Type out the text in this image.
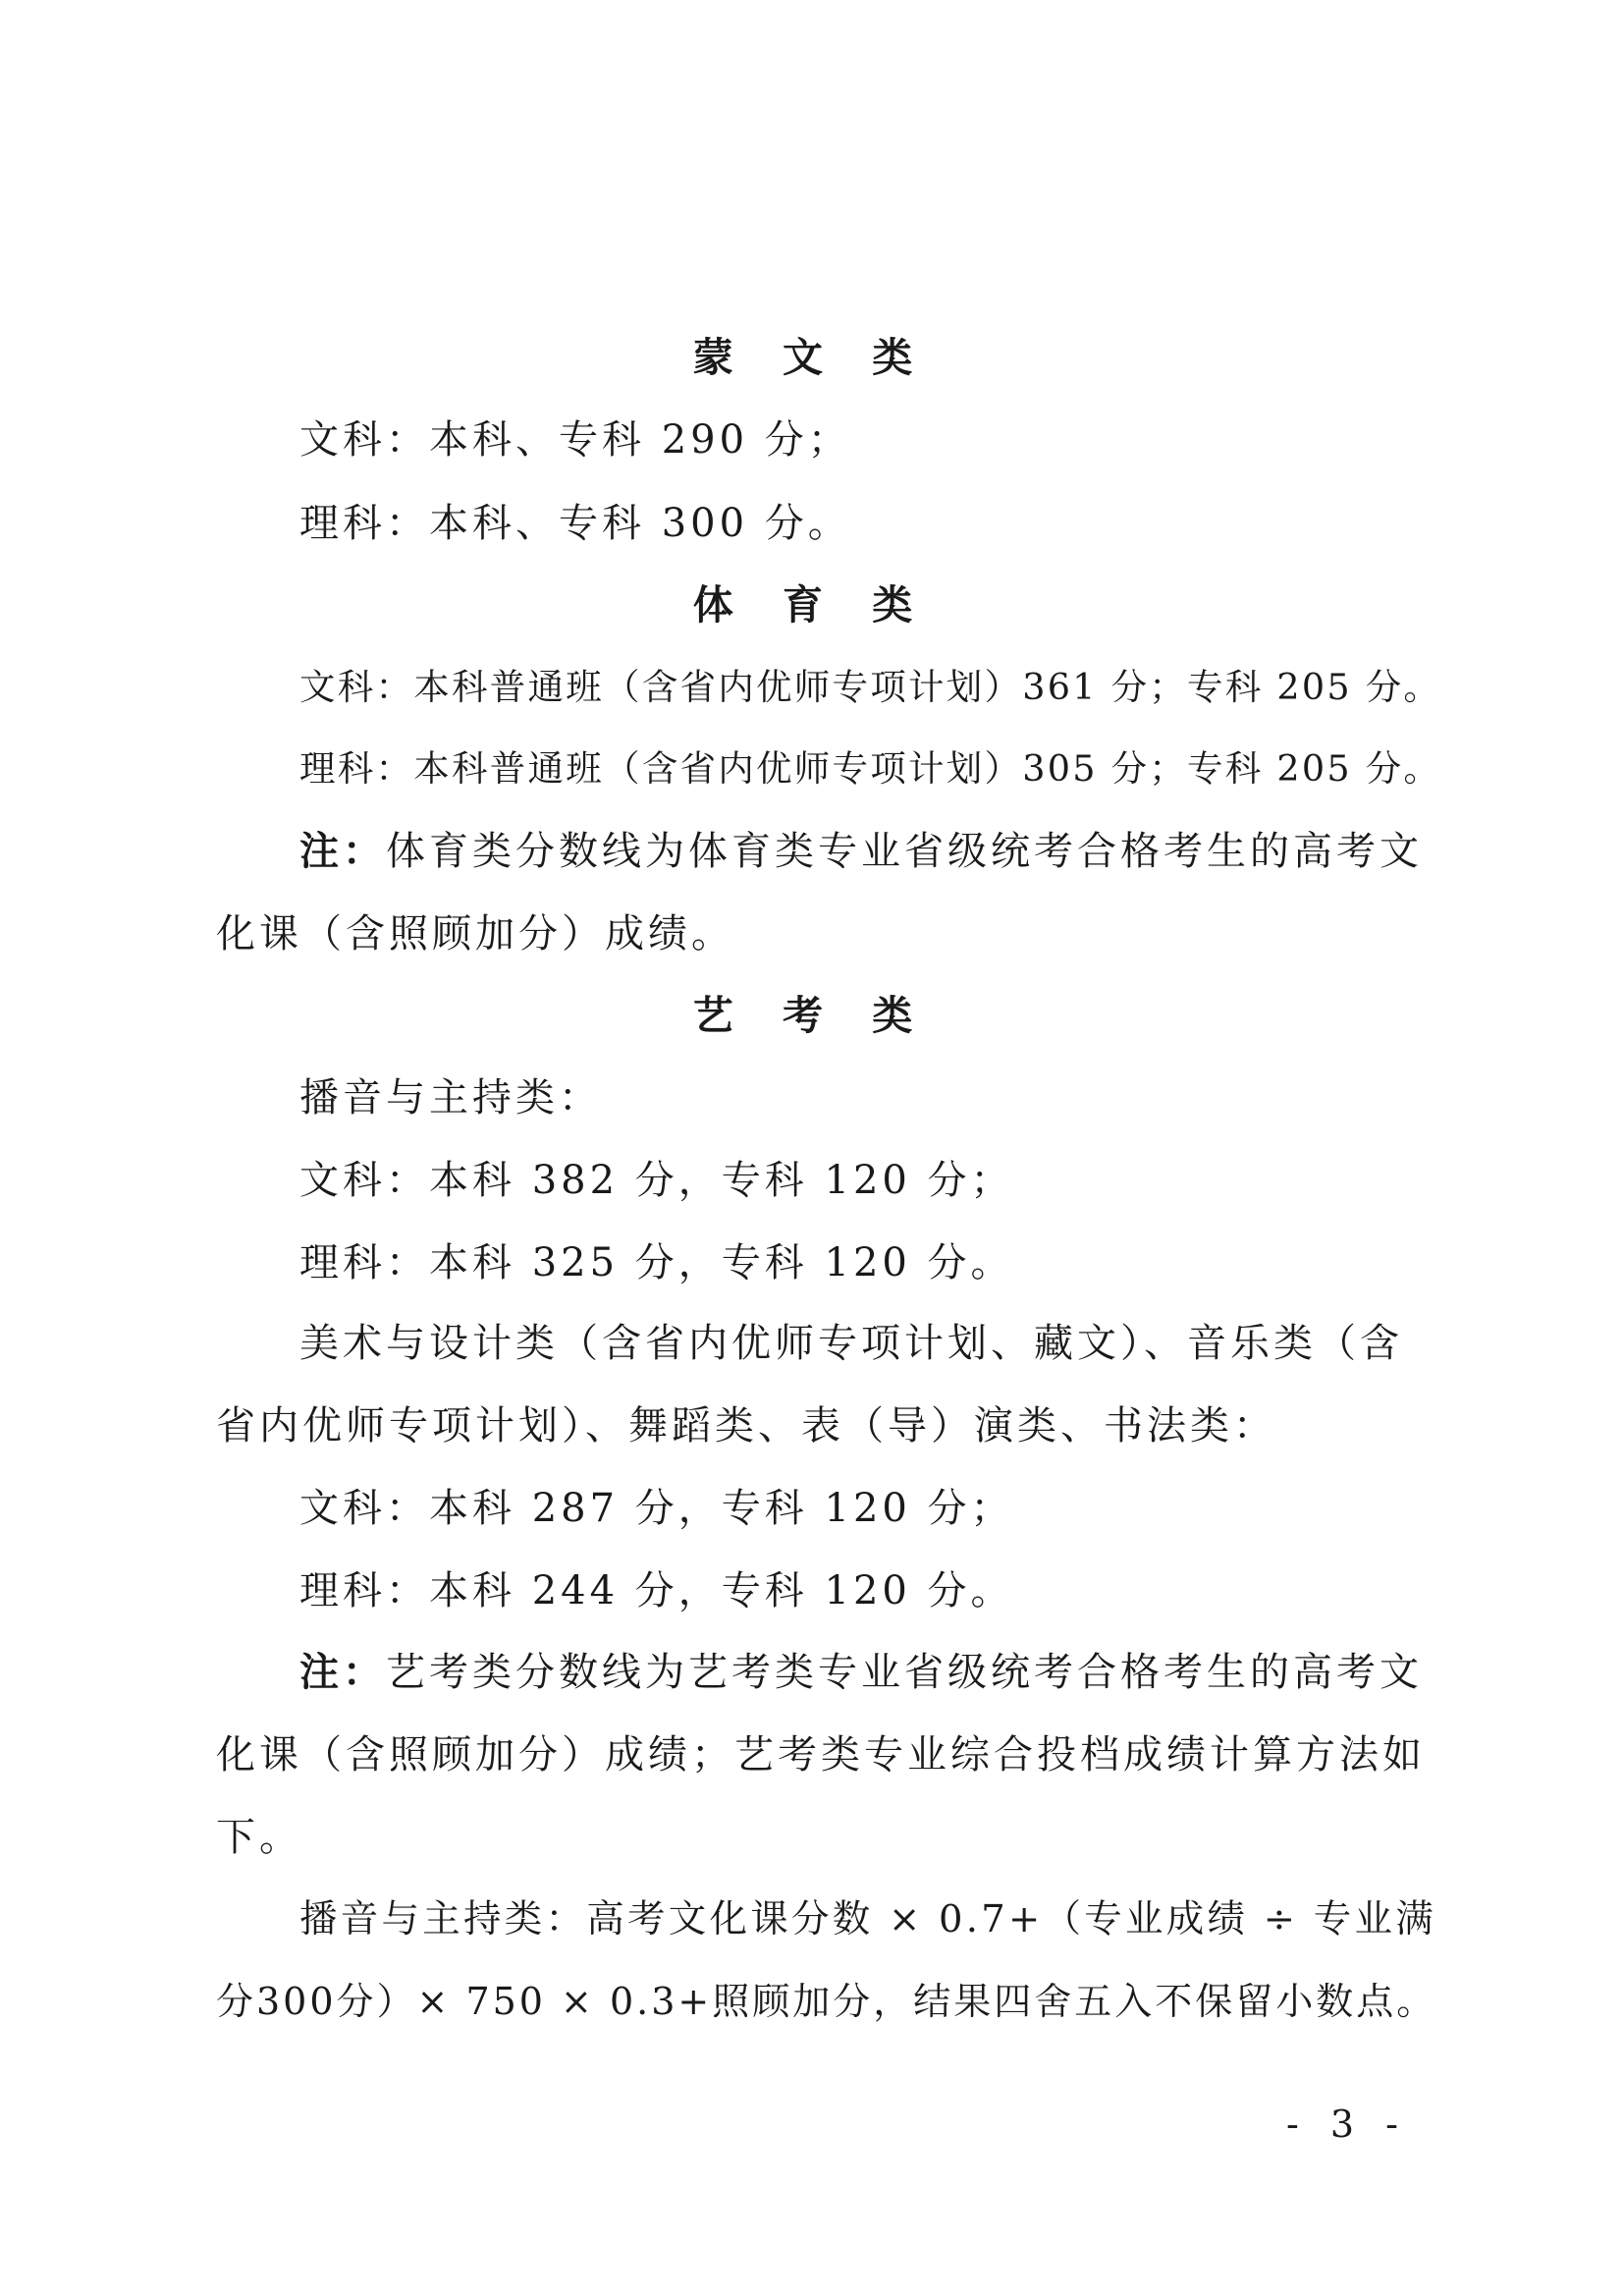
蒙 文 类
文科：本科、专科 290 分；
理科：本科、专科 300 分。
体 育 类
文科：本科普通班（含省内优师专项计划）361 分；专科 205 分。
理科：本科普通班（含省内优师专项计划）305 分；专科 205 分。
注：体育类分数线为体育类专业省级统考合格考生的高考文
化课（含照顾加分）成绩。
艺 考 类
播音与主持类：
文科：本科 382 分，专科 120 分；
理科：本科 325 分，专科 120 分。
美术与设计类（含省内优师专项计划、藏文）、音乐类（含
省内优师专项计划）、舞蹈类、表（导）演类、书法类：
文科：本科 287 分，专科 120 分；
理科：本科 244 分，专科 120 分。
注：艺考类分数线为艺考类专业省级统考合格考生的高考文
化课（含照顾加分）成绩；艺考类专业综合投档成绩计算方法如
下。
播音与主持类：高考文化课分数 × 0.7+（专业成绩 ÷ 专业满
分300分）× 750 × 0.3+照顾加分，结果四舍五入不保留小数点。
- 3 -
